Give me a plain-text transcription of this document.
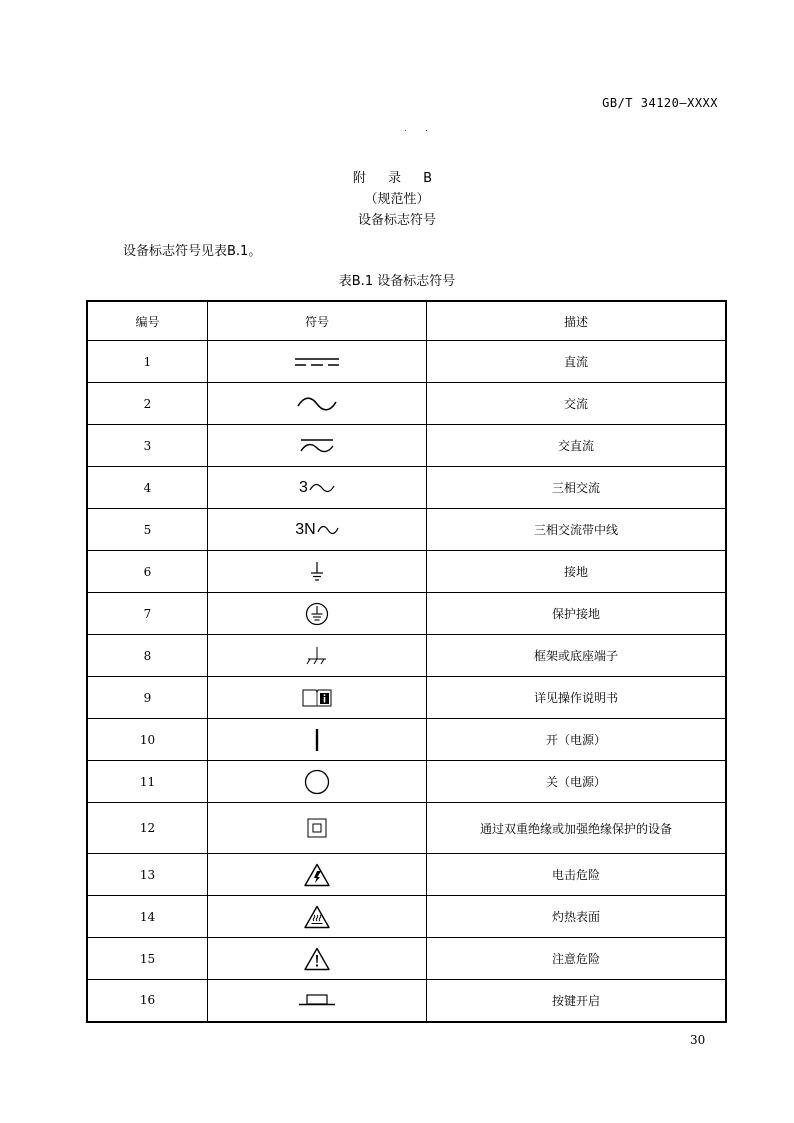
GB/T 34120—XXXX
. .
附 录 B
（规范性）
设备标志符号
设备标志符号见表B.1。
表B.1 设备标志符号
编号	符号	描述
1		直流
2		交流
3		交直流
4	3	三相交流
5	3N	三相交流带中线
6		接地
7		保护接地
8		框架或底座端子
9		详见操作说明书
10		开（电源）
11		关（电源）
12		通过双重绝缘或加强绝缘保护的设备
13		电击危险
14		灼热表面
15		注意危险
16		按键开启
30
